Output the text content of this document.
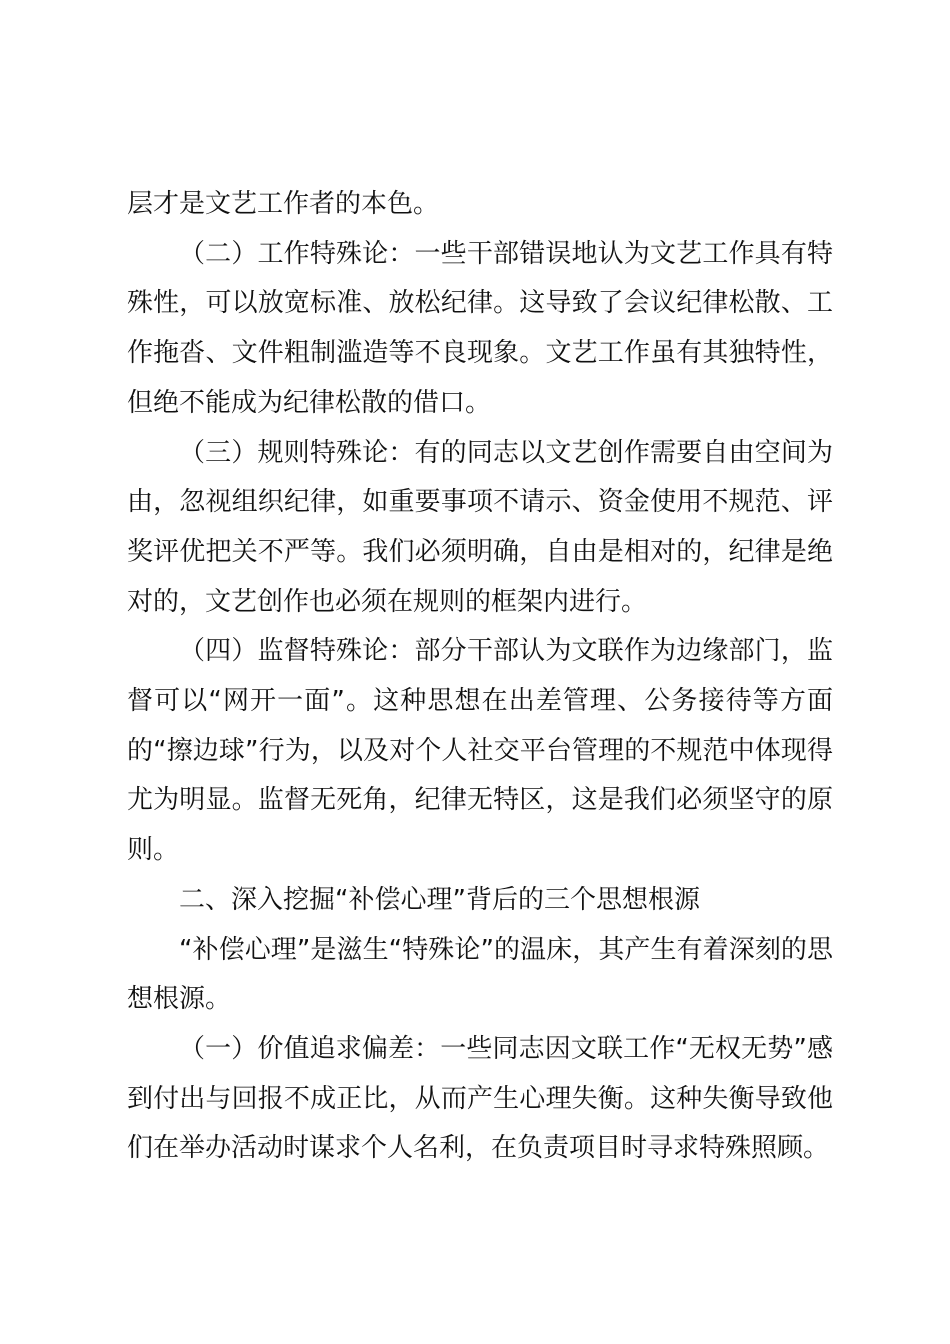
层才是文艺工作者的本色。

（二）工作特殊论：一些干部错误地认为文艺工作具有特殊性，可以放宽标准、放松纪律。这导致了会议纪律松散、工作拖沓、文件粗制滥造等不良现象。文艺工作虽有其独特性，但绝不能成为纪律松散的借口。

（三）规则特殊论：有的同志以文艺创作需要自由空间为由，忽视组织纪律，如重要事项不请示、资金使用不规范、评奖评优把关不严等。我们必须明确，自由是相对的，纪律是绝对的，文艺创作也必须在规则的框架内进行。

（四）监督特殊论：部分干部认为文联作为边缘部门，监督可以“网开一面”。这种思想在出差管理、公务接待等方面的“擦边球”行为，以及对个人社交平台管理的不规范中体现得尤为明显。监督无死角，纪律无特区，这是我们必须坚守的原则。

二、深入挖掘“补偿心理”背后的三个思想根源

“补偿心理”是滋生“特殊论”的温床，其产生有着深刻的思想根源。

（一）价值追求偏差：一些同志因文联工作“无权无势”感到付出与回报不成正比，从而产生心理失衡。这种失衡导致他们在举办活动时谋求个人名利，在负责项目时寻求特殊照顾。
